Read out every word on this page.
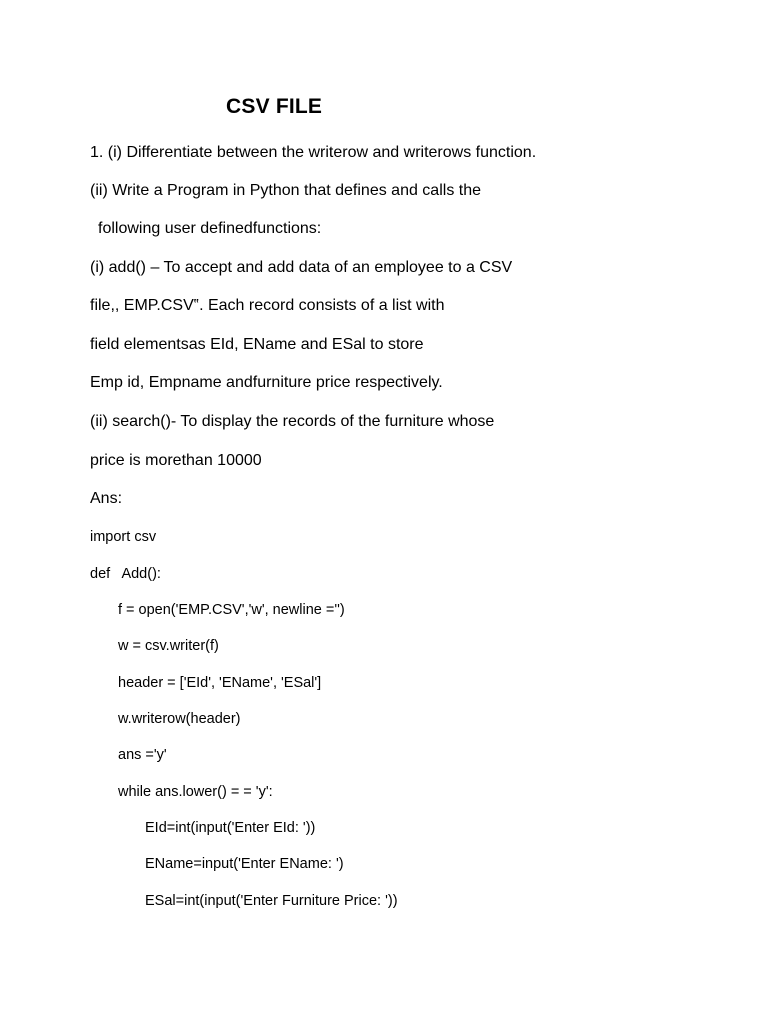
CSV FILE
1. (i) Differentiate between the writerow and writerows function.
(ii) Write a Program in Python that defines and calls the
following user definedfunctions:
(i) add() – To accept and add data of an employee to a CSV
file,, EMP.CSV‟. Each record consists of a list with
field elementsas EId, EName and ESal to store
Emp id, Empname andfurniture price respectively.
(ii) search()- To display the records of the furniture whose
price is morethan 10000
Ans:
import csv
def   Add():
f = open('EMP.CSV','w', newline ='')
w = csv.writer(f)
header = ['EId', 'EName', 'ESal']
w.writerow(header)
ans ='y'
while ans.lower() = = 'y':
EId=int(input('Enter EId: '))
EName=input('Enter EName: ')
ESal=int(input('Enter Furniture Price: '))
